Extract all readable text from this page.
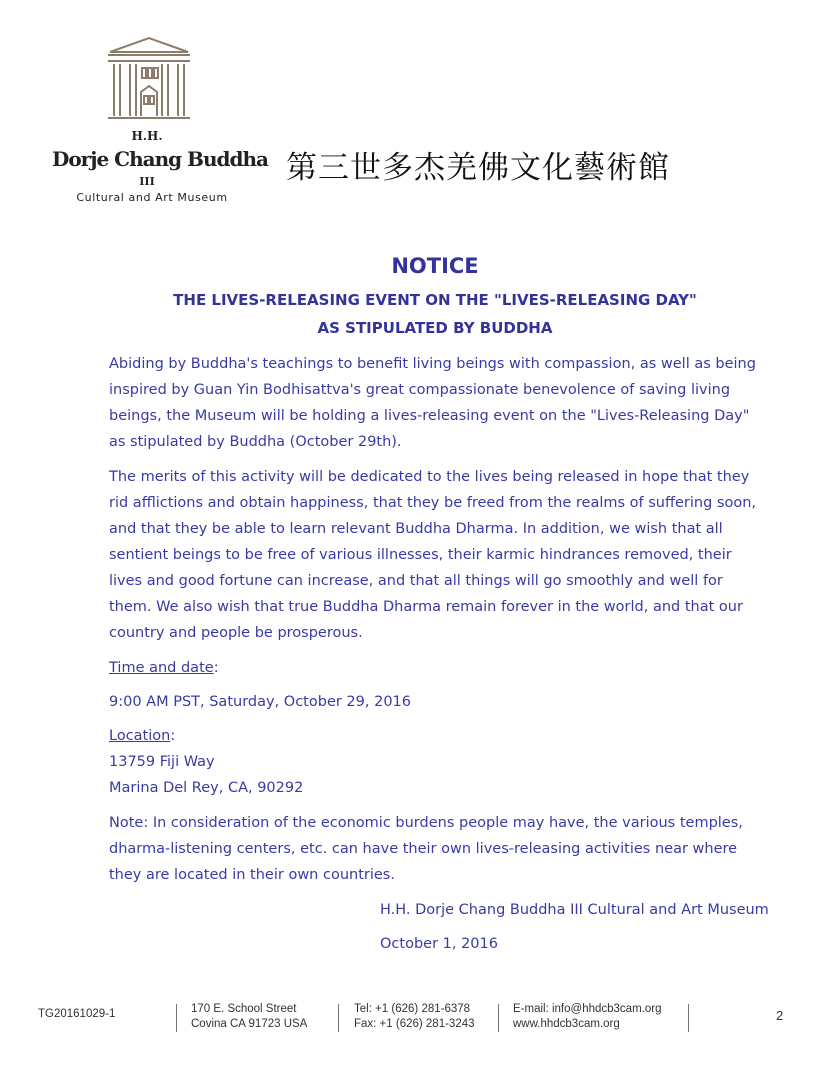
H.H.
Dorje Chang Buddha
III
Cultural and Art Museum
第三世多杰羌佛文化藝術館
NOTICE
THE LIVES-RELEASING EVENT ON THE "LIVES-RELEASING DAY"
AS STIPULATED BY BUDDHA

Abiding by Buddha's teachings to benefit living beings with compassion, as well as being inspired by Guan Yin Bodhisattva's great compassionate benevolence of saving living beings, the Museum will be holding a lives-releasing event on the "Lives-Releasing Day" as stipulated by Buddha (October 29th).

The merits of this activity will be dedicated to the lives being released in hope that they rid afflictions and obtain happiness, that they be freed from the realms of suffering soon, and that they be able to learn relevant Buddha Dharma. In addition, we wish that all sentient beings to be free of various illnesses, their karmic hindrances removed, their lives and good fortune can increase, and that all things will go smoothly and well for them. We also wish that true Buddha Dharma remain forever in the world, and that our country and people be prosperous.

Time and date:
9:00 AM PST, Saturday, October 29, 2016
Location:
13759 Fiji Way
Marina Del Rey, CA, 90292

Note: In consideration of the economic burdens people may have, the various temples, dharma-listening centers, etc. can have their own lives-releasing activities near where they are located in their own countries.

H.H. Dorje Chang Buddha III Cultural and Art Museum
October 1, 2016
TG20161029-1	170 E. School Street
Covina CA 91723 USA
Tel: +1 (626) 281-6378
Fax: +1 (626) 281-3243
E-mail: info@hhdcb3cam.org
www.hhdcb3cam.org
2
